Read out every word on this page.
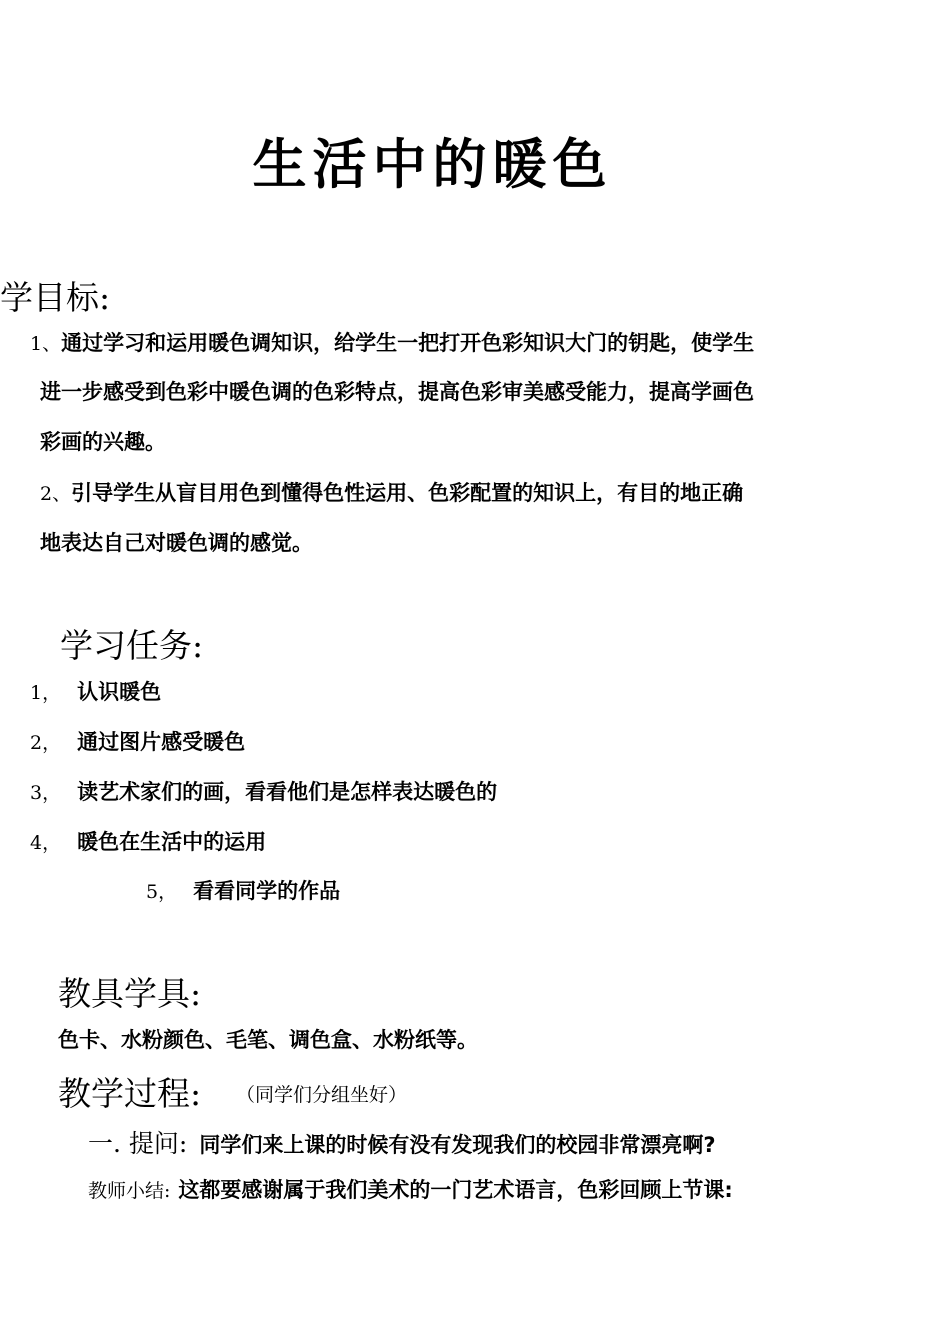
生活中的暖色
学目标:
1、通过学习和运用暖色调知识，给学生一把打开色彩知识大门的钥匙，使学生
进一步感受到色彩中暖色调的色彩特点，提高色彩审美感受能力，提高学画色
彩画的兴趣。
2、引导学生从盲目用色到懂得色性运用、色彩配置的知识上，有目的地正确
地表达自己对暖色调的感觉。
学习任务:
1， 认识暖色
2， 通过图片感受暖色
3， 读艺术家们的画，看看他们是怎样表达暖色的
4， 暖色在生活中的运用
5， 看看同学的作品
教具学具:
色卡、水粉颜色、毛笔、调色盒、水粉纸等。
教学过程: （同学们分组坐好）
一. 提问: 同学们来上课的时候有没有发现我们的校园非常漂亮啊?
教师小结: 这都要感谢属于我们美术的一门艺术语言，色彩回顾上节课:
